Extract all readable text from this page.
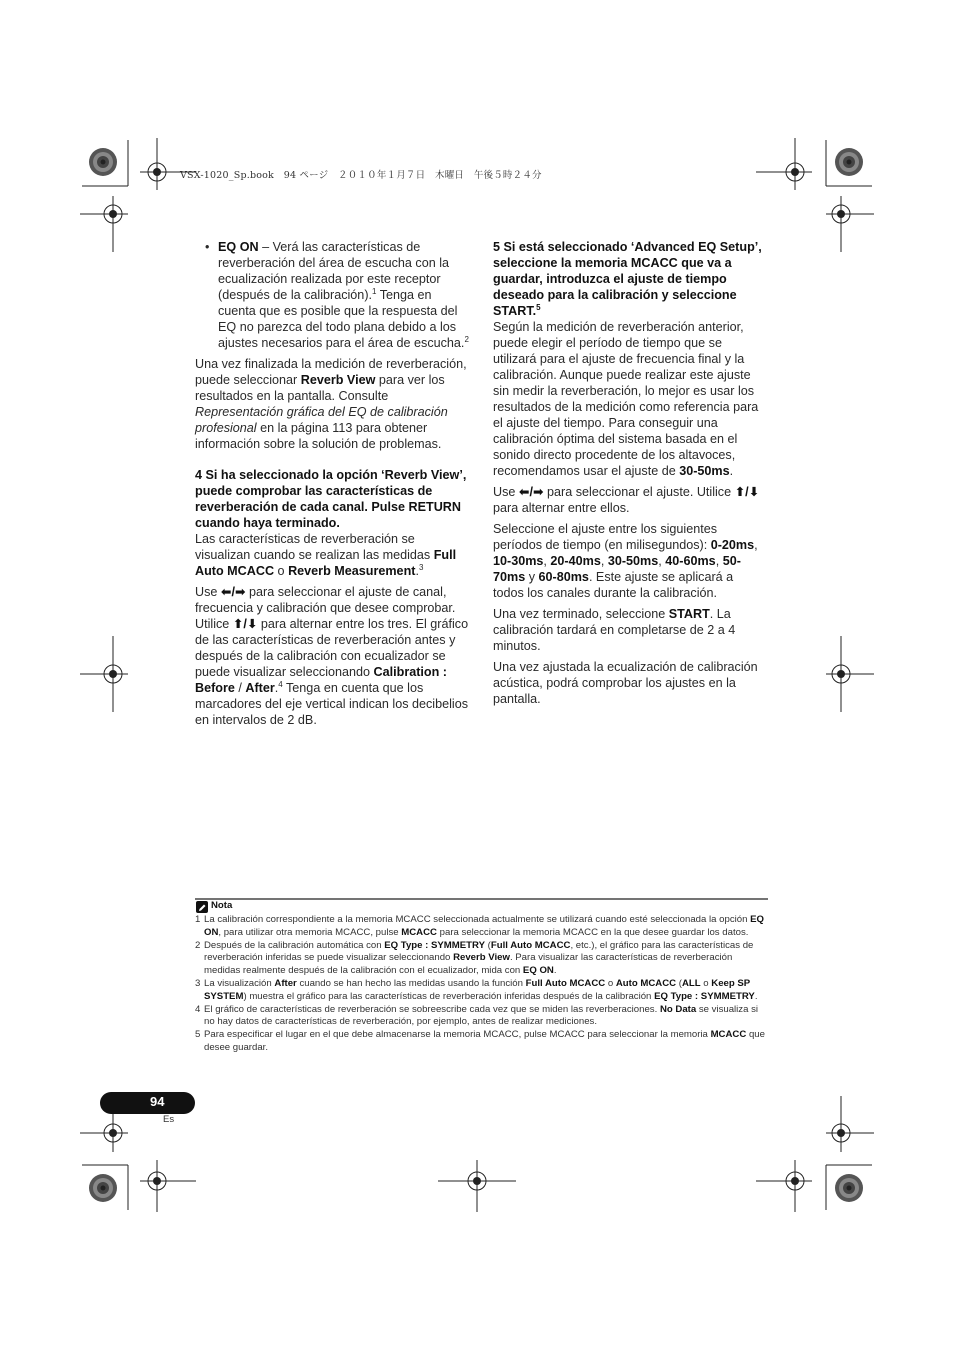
VSX-1020_Sp.book　94 ページ　２０１０年１月７日　木曜日　午後５時２４分
• EQ ON – Verá las características de reverberación del área de escucha con la ecualización realizada por este receptor (después de la calibración).$^1$ Tenga en cuenta que es posible que la respuesta del EQ no parezca del todo plana debido a los ajustes necesarios para el área de escucha.$^2$

Una vez finalizada la medición de reverberación, puede seleccionar Reverb View para ver los resultados en la pantalla. Consulte Representación gráfica del EQ de calibración profesional en la página 113 para obtener información sobre la solución de problemas.

4 Si ha seleccionado la opción ‘Reverb View’, puede comprobar las características de reverberación de cada canal. Pulse RETURN cuando haya terminado.

Las características de reverberación se visualizan cuando se realizan las medidas Full Auto MCACC o Reverb Measurement.$^3$

Use ⬅/➡ para seleccionar el ajuste de canal, frecuencia y calibración que desee comprobar. Utilice ⬆/⬇ para alternar entre los tres. El gráfico de las características de reverberación antes y después de la calibración con ecualizador se puede visualizar seleccionando Calibration : Before / After.$^4$ Tenga en cuenta que los marcadores del eje vertical indican los decibelios en intervalos de 2 dB.

5 Si está seleccionado ‘Advanced EQ Setup’, seleccione la memoria MCACC que va a guardar, introduzca el ajuste de tiempo deseado para la calibración y seleccione START.$^5$

Según la medición de reverberación anterior, puede elegir el período de tiempo que se utilizará para el ajuste de frecuencia final y la calibración. Aunque puede realizar este ajuste sin medir la reverberación, lo mejor es usar los resultados de la medición como referencia para el ajuste del tiempo. Para conseguir una calibración óptima del sistema basada en el sonido directo procedente de los altavoces, recomendamos usar el ajuste de 30-50ms.

Use ⬅/➡ para seleccionar el ajuste. Utilice ⬆/⬇ para alternar entre ellos.

Seleccione el ajuste entre los siguientes períodos de tiempo (en milisegundos): 0-20ms, 10-30ms, 20-40ms, 30-50ms, 40-60ms, 50-70ms y 60-80ms. Este ajuste se aplicará a todos los canales durante la calibración.

Una vez terminado, seleccione START. La calibración tardará en completarse de 2 a 4 minutos.

Una vez ajustada la ecualización de calibración acústica, podrá comprobar los ajustes en la pantalla.

Nota
1 La calibración correspondiente a la memoria MCACC seleccionada actualmente se utilizará cuando esté seleccionada la opción EQ ON, para utilizar otra memoria MCACC, pulse MCACC para seleccionar la memoria MCACC en la que desee guardar los datos.
2 Después de la calibración automática con EQ Type : SYMMETRY (Full Auto MCACC, etc.), el gráfico para las características de reverberación inferidas se puede visualizar seleccionando Reverb View. Para visualizar las características de reverberación medidas realmente después de la calibración con el ecualizador, mida con EQ ON.
3 La visualización After cuando se han hecho las medidas usando la función Full Auto MCACC o Auto MCACC (ALL o Keep SP SYSTEM) muestra el gráfico para las características de reverberación inferidas después de la calibración EQ Type : SYMMETRY.
4 El gráfico de características de reverberación se sobreescribe cada vez que se miden las reverberaciones. No Data se visualiza si no hay datos de características de reverberación, por ejemplo, antes de realizar mediciones.
5 Para especificar el lugar en el que debe almacenarse la memoria MCACC, pulse MCACC para seleccionar la memoria MCACC que desee guardar.
94
Es
